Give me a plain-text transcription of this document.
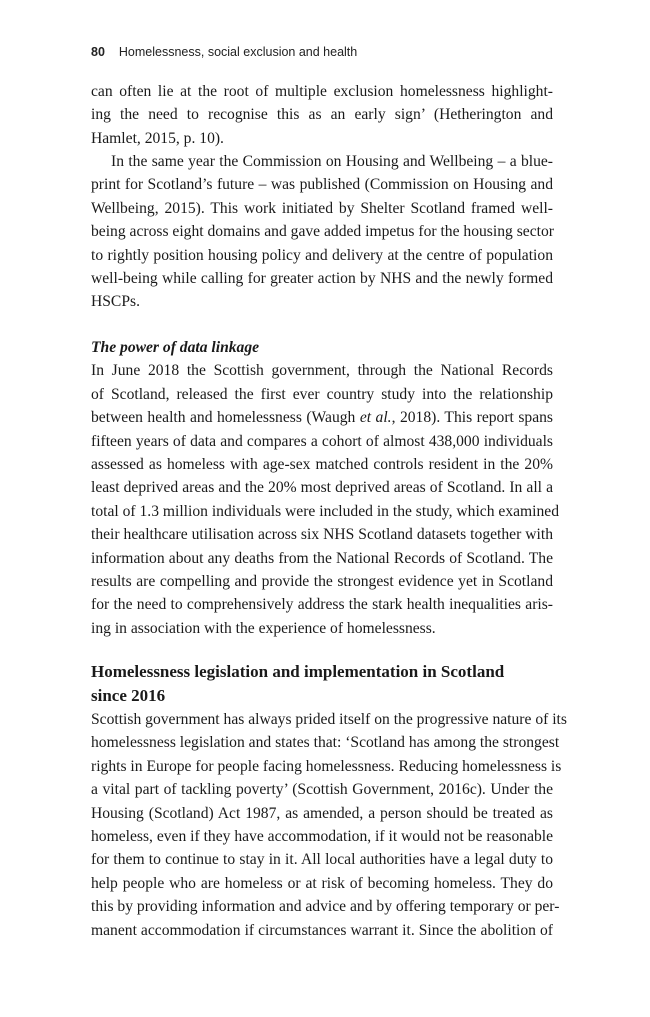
80 Homelessness, social exclusion and health
can often lie at the root of multiple exclusion homelessness highlight-
ing the need to recognise this as an early sign’ (Hetherington and
Hamlet, 2015, p. 10).
In the same year the Commission on Housing and Wellbeing – a blue-
print for Scotland’s future – was published (Commission on Housing and
Wellbeing, 2015). This work initiated by Shelter Scotland framed well-
being across eight domains and gave added impetus for the housing sector
to rightly position housing policy and delivery at the centre of population
well-being while calling for greater action by NHS and the newly formed
HSCPs.
The power of data linkage
In June 2018 the Scottish government, through the National Records
of Scotland, released the first ever country study into the relationship
between health and homelessness (Waugh et al., 2018). This report spans
fifteen years of data and compares a cohort of almost 438,000 individuals
assessed as homeless with age-sex matched controls resident in the 20%
least deprived areas and the 20% most deprived areas of Scotland. In all a
total of 1.3 million individuals were included in the study, which examined
their healthcare utilisation across six NHS Scotland datasets together with
information about any deaths from the National Records of Scotland. The
results are compelling and provide the strongest evidence yet in Scotland
for the need to comprehensively address the stark health inequalities aris-
ing in association with the experience of homelessness.
Homelessness legislation and implementation in Scotland
since 2016
Scottish government has always prided itself on the progressive nature of its
homelessness legislation and states that: ‘Scotland has among the strongest
rights in Europe for people facing homelessness. Reducing homelessness is
a vital part of tackling poverty’ (Scottish Government, 2016c). Under the
Housing (Scotland) Act 1987, as amended, a person should be treated as
homeless, even if they have accommodation, if it would not be reasonable
for them to continue to stay in it. All local authorities have a legal duty to
help people who are homeless or at risk of becoming homeless. They do
this by providing information and advice and by offering temporary or per-
manent accommodation if circumstances warrant it. Since the abolition of
